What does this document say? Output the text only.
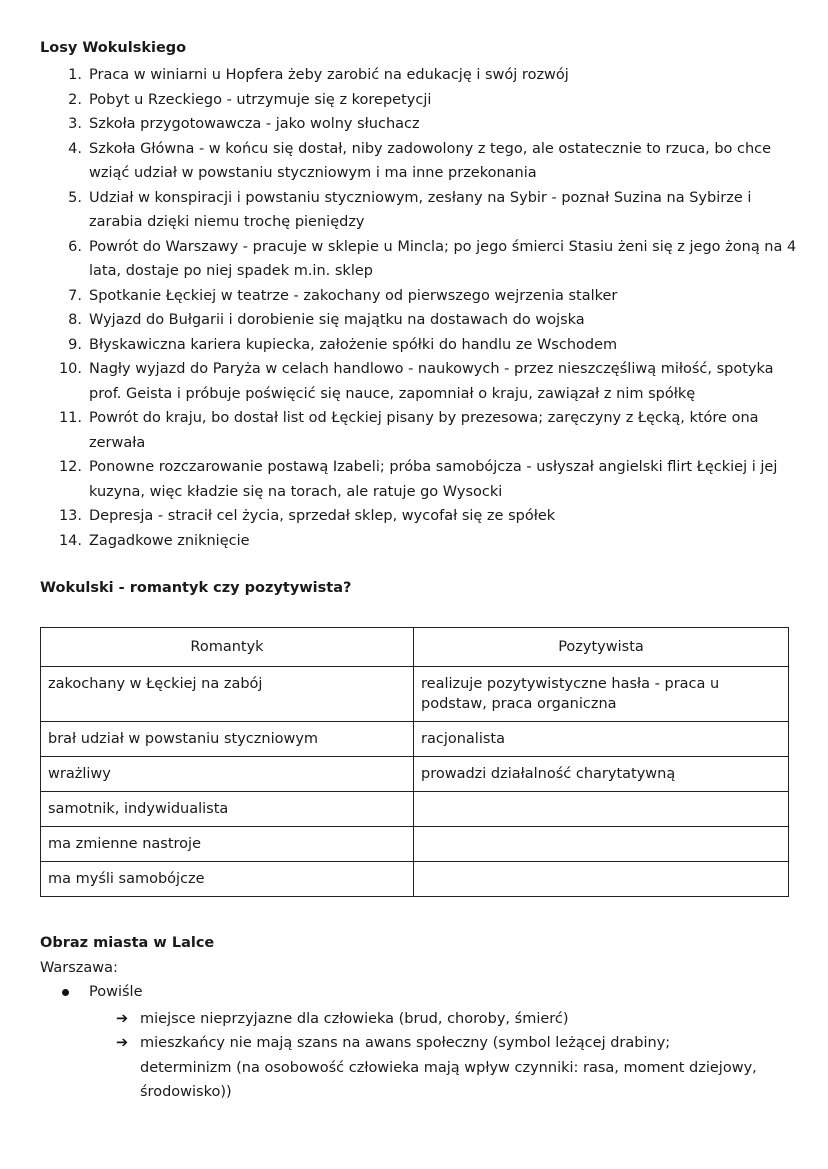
Losy Wokulskiego
1. Praca w winiarni u Hopfera żeby zarobić na edukację i swój rozwój
2. Pobyt u Rzeckiego - utrzymuje się z korepetycji
3. Szkoła przygotowawcza - jako wolny słuchacz
4. Szkoła Główna - w końcu się dostał, niby zadowolony z tego, ale ostatecznie to rzuca, bo chce wziąć udział w powstaniu styczniowym i ma inne przekonania
5. Udział w konspiracji i powstaniu styczniowym, zesłany na Sybir - poznał Suzina na Sybirze i zarabia dzięki niemu trochę pieniędzy
6. Powrót do Warszawy - pracuje w sklepie u Mincla; po jego śmierci Stasiu żeni się z jego żoną na 4 lata, dostaje po niej spadek m.in. sklep
7. Spotkanie Łęckiej w teatrze - zakochany od pierwszego wejrzenia stalker
8. Wyjazd do Bułgarii i dorobienie się majątku na dostawach do wojska
9. Błyskawiczna kariera kupiecka, założenie spółki do handlu ze Wschodem
10. Nagły wyjazd do Paryża w celach handlowo - naukowych - przez nieszczęśliwą miłość, spotyka prof. Geista i próbuje poświęcić się nauce, zapomniał o kraju, zawiązał z nim spółkę
11. Powrót do kraju, bo dostał list od Łęckiej pisany by prezesowa; zaręczyny z Łęcką, które ona zerwała
12. Ponowne rozczarowanie postawą Izabeli; próba samobójcza - usłyszał angielski flirt Łęckiej i jej kuzyna, więc kładzie się na torach, ale ratuje go Wysocki
13. Depresja - stracił cel życia, sprzedał sklep, wycofał się ze spółek
14. Zagadkowe zniknięcie
Wokulski - romantyk czy pozytywista?
Romantyk	Pozytywista
zakochany w Łęckiej na zabój	realizuje pozytywistyczne hasła - praca u podstaw, praca organiczna
brał udział w powstaniu styczniowym	racjonalista
wrażliwy	prowadzi działalność charytatywną
samotnik, indywidualista	
ma zmienne nastroje	
ma myśli samobójcze	
Obraz miasta w Lalce
Warszawa:
Powiśle
➔ miejsce nieprzyjazne dla człowieka (brud, choroby, śmierć)
➔ mieszkańcy nie mają szans na awans społeczny (symbol leżącej drabiny; determinizm (na osobowość człowieka mają wpływ czynniki: rasa, moment dziejowy, środowisko))
